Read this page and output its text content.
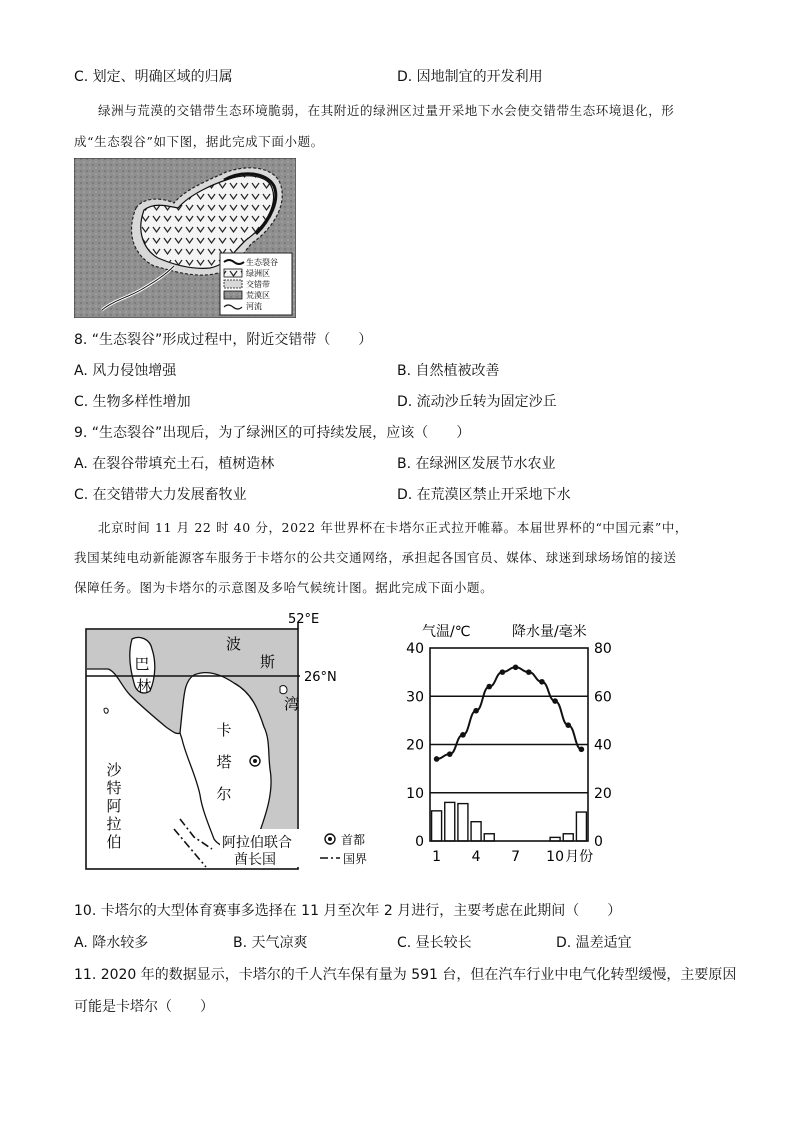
C. 划定、明确区域的归属	D. 因地制宜的开发利用
绿洲与荒漠的交错带生态环境脆弱，在其附近的绿洲区过量开采地下水会使交错带生态环境退化，形
成“生态裂谷”如下图，据此完成下面小题。
生态裂谷
绿洲区
交错带
荒漠区
河流
8. “生态裂谷”形成过程中，附近交错带（　　）
A. 风力侵蚀增强	B. 自然植被改善
C. 生物多样性增加	D. 流动沙丘转为固定沙丘
9. “生态裂谷”出现后，为了绿洲区的可持续发展，应该（　　）
A. 在裂谷带填充土石，植树造林	B. 在绿洲区发展节水农业
C. 在交错带大力发展畜牧业	D. 在荒漠区禁止开采地下水
北京时间 11 月 22 时 40 分，2022 年世界杯在卡塔尔正式拉开帷幕。本届世界杯的“中国元素”中，
我国某纯电动新能源客车服务于卡塔尔的公共交通网络，承担起各国官员、媒体、球迷到球场场馆的接送
保障任务。图为卡塔尔的示意图及多哈气候统计图。据此完成下面小题。
52°E
26°N
波
斯
湾
巴
林
卡
塔
尔
沙
特
阿
拉
伯	阿拉伯联合
酋长国
首都
国界
气温/℃	降水量/毫米
0
10
20
30
40
0
20
40
60
80
1 4 7 10 月份
10. 卡塔尔的大型体育赛事多选择在 11 月至次年 2 月进行，主要考虑在此期间（　　）
A. 降水较多	B. 天气凉爽	C. 昼长较长	D. 温差适宜
11. 2020 年的数据显示，卡塔尔的千人汽车保有量为 591 台，但在汽车行业中电气化转型缓慢，主要原因
可能是卡塔尔（　　）
